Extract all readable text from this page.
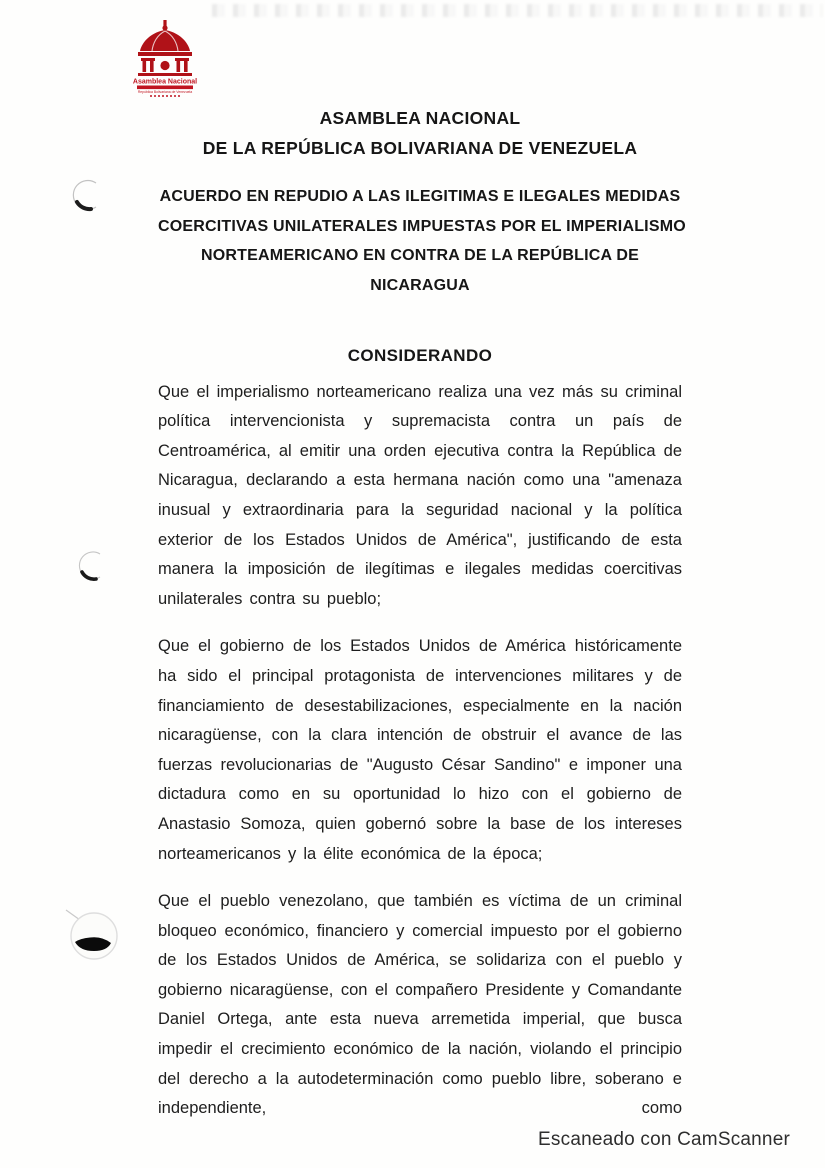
Asamblea Nacional
República Bolivariana de Venezuela
ASAMBLEA NACIONAL
DE LA REPÚBLICA BOLIVARIANA DE VENEZUELA
ACUERDO EN REPUDIO A LAS ILEGITIMAS E ILEGALES MEDIDAS
COERCITIVAS UNILATERALES IMPUESTAS POR EL IMPERIALISMO
NORTEAMERICANO EN CONTRA DE LA REPÚBLICA DE
NICARAGUA
CONSIDERANDO
Que el imperialismo norteamericano realiza una vez más su criminal política intervencionista y supremacista contra un país de Centroamérica, al emitir una orden ejecutiva contra la República de Nicaragua, declarando a esta hermana nación como una "amenaza inusual y extraordinaria para la seguridad nacional y la política exterior de los Estados Unidos de América", justificando de esta manera la imposición de ilegítimas e ilegales medidas coercitivas unilaterales contra su pueblo;
Que el gobierno de los Estados Unidos de América históricamente ha sido el principal protagonista de intervenciones militares y de financiamiento de desestabilizaciones, especialmente en la nación nicaragüense, con la clara intención de obstruir el avance de las fuerzas revolucionarias de "Augusto César Sandino" e imponer una dictadura como en su oportunidad lo hizo con el gobierno de Anastasio Somoza, quien gobernó sobre la base de los intereses norteamericanos y la élite económica de la época;
Que el pueblo venezolano, que también es víctima de un criminal bloqueo económico, financiero y comercial impuesto por el gobierno de los Estados Unidos de América, se solidariza con el pueblo y gobierno nicaragüense, con el compañero Presidente y Comandante Daniel Ortega, ante esta nueva arremetida imperial, que busca impedir el crecimiento económico de la nación, violando el principio del derecho a la autodeterminación como pueblo libre, soberano e independiente, como
Escaneado con CamScanner
